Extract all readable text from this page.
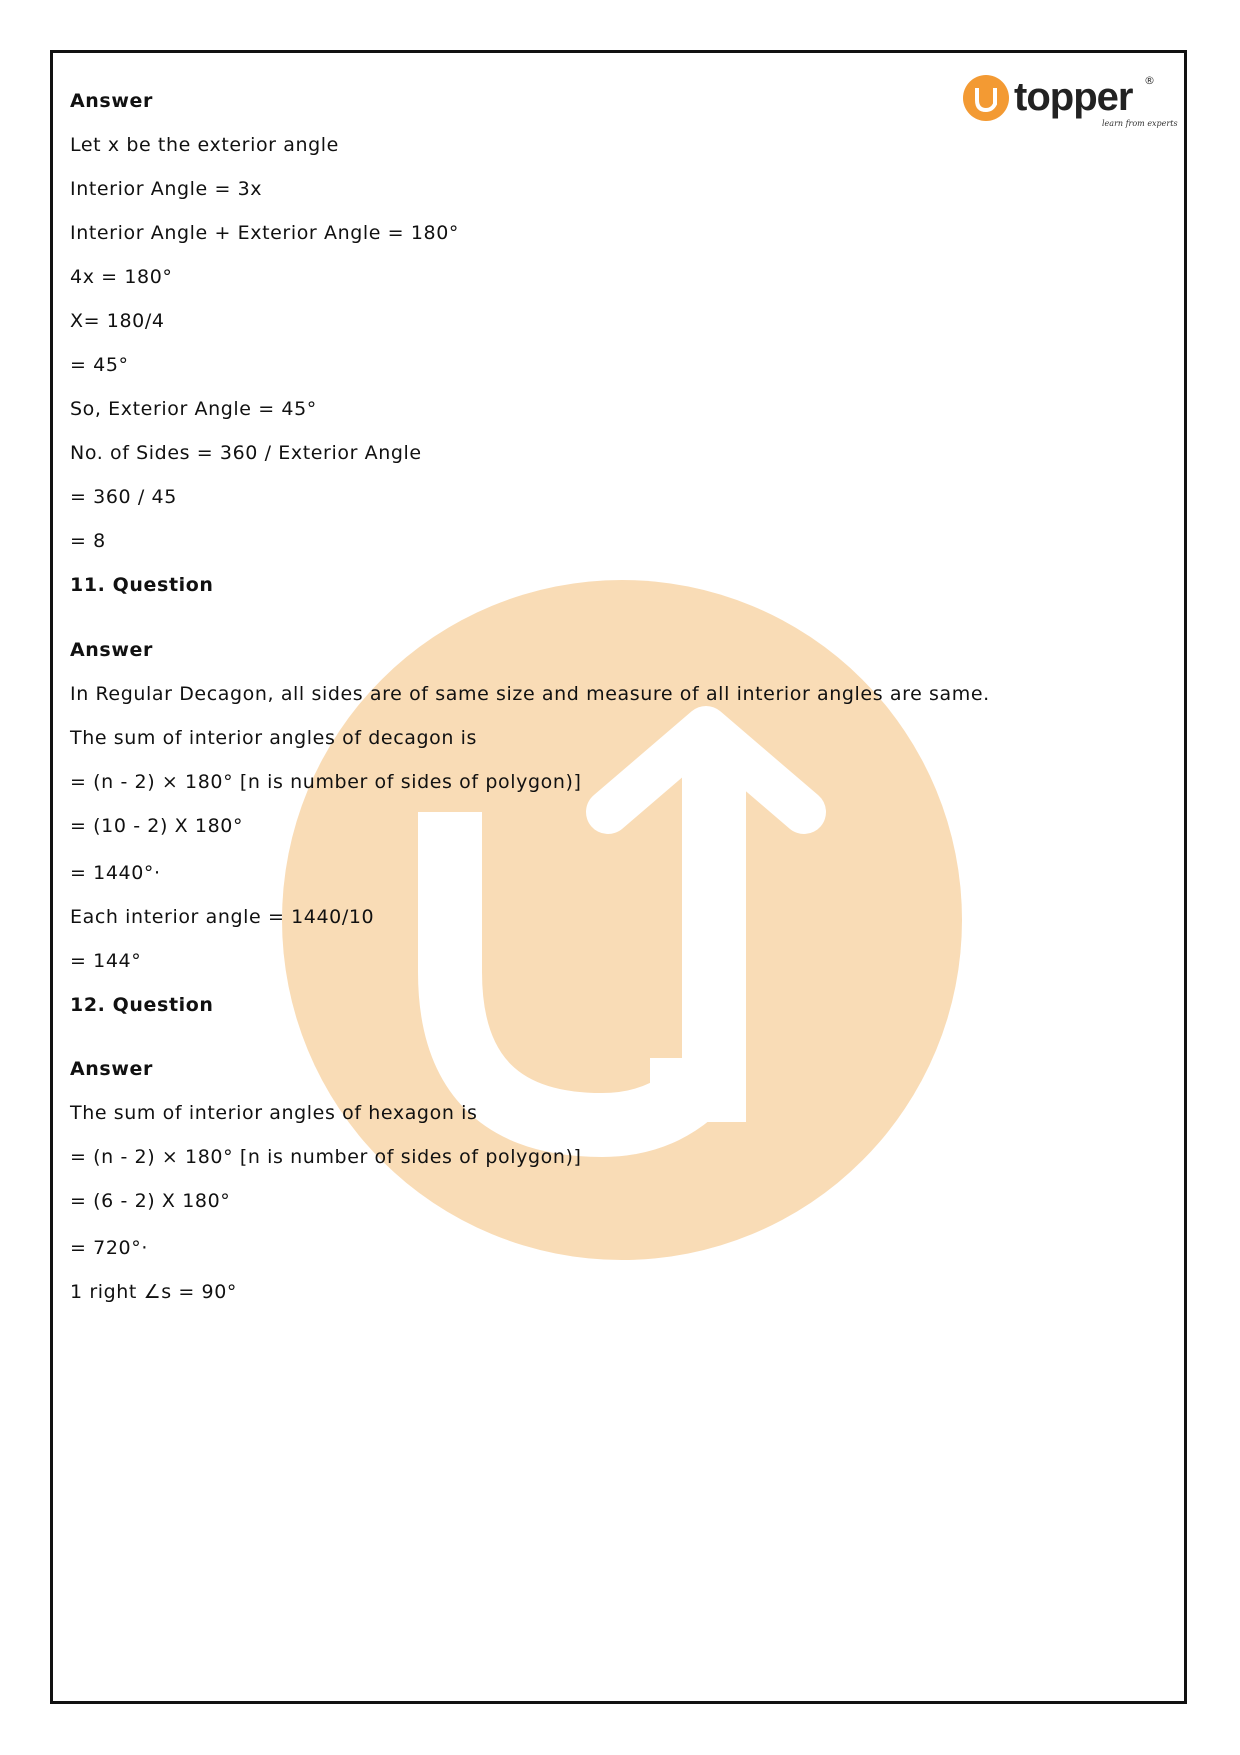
topper
learn from experts
®
Answer
Let x be the exterior angle
Interior Angle = 3x
Interior Angle + Exterior Angle = 180°
4x = 180°
X= 180/4
= 45°
So, Exterior Angle = 45°
No. of Sides = 360 / Exterior Angle
= 360 / 45
= 8
11. Question
Answer
In Regular Decagon, all sides are of same size and measure of all interior angles are same.
The sum of interior angles of decagon is
= (n - 2) × 180° [n is number of sides of polygon)]
= (10 - 2) X 180°
= 1440°·
Each interior angle = 1440/10
= 144°
12. Question
Answer
The sum of interior angles of hexagon is
= (n - 2) × 180° [n is number of sides of polygon)]
= (6 - 2) X 180°
= 720°·
1 right ∠s = 90°
